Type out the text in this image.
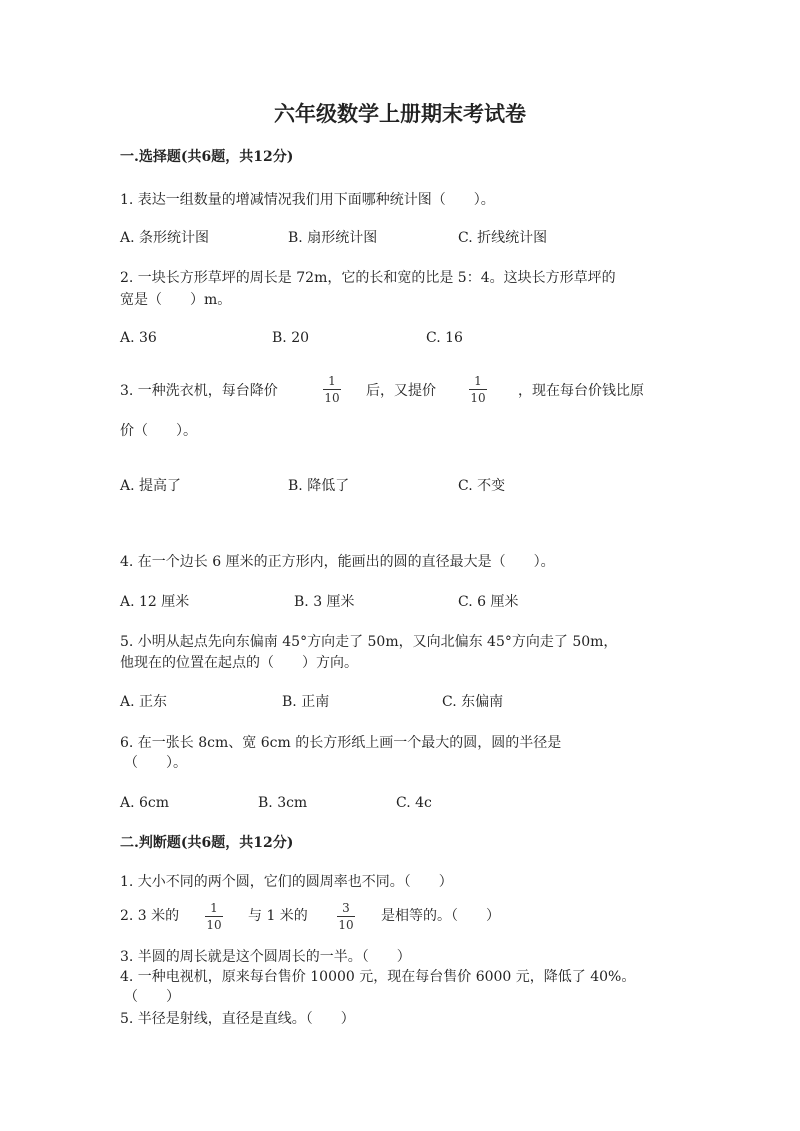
六年级数学上册期末考试卷
一.选择题(共6题，共12分)
1. 表达一组数量的增减情况我们用下面哪种统计图（　　）。
A. 条形统计图	B. 扇形统计图	C. 折线统计图
2. 一块长方形草坪的周长是 72m，它的长和宽的比是 5：4。这块长方形草坪的
宽是（　　）m。
A. 36	B. 20	C. 16
3. 一种洗衣机，每台降价
1
10 后，又提价
1
10 ，现在每台价钱比原
价（　　）。
A. 提高了	B. 降低了	C. 不变
4. 在一个边长 6 厘米的正方形内，能画出的圆的直径最大是（　　）。
A. 12 厘米	B. 3 厘米	C. 6 厘米
5. 小明从起点先向东偏南 45°方向走了 50m，又向北偏东 45°方向走了 50m，
他现在的位置在起点的（　　）方向。
A. 正东	B. 正南	C. 东偏南
6. 在一张长 8cm、宽 6cm 的长方形纸上画一个最大的圆，圆的半径是
（　　）。
A. 6cm	B. 3cm	C. 4c
二.判断题(共6题，共12分)
1. 大小不同的两个圆，它们的圆周率也不同。（　　）
2. 3 米的	1
10
与 1 米的	3
10
是相等的。（　　）
3. 半圆的周长就是这个圆周长的一半。（　　）
4. 一种电视机，原来每台售价 10000 元，现在每台售价 6000 元，降低了 40%。
（　　）
5. 半径是射线，直径是直线。（　　）
